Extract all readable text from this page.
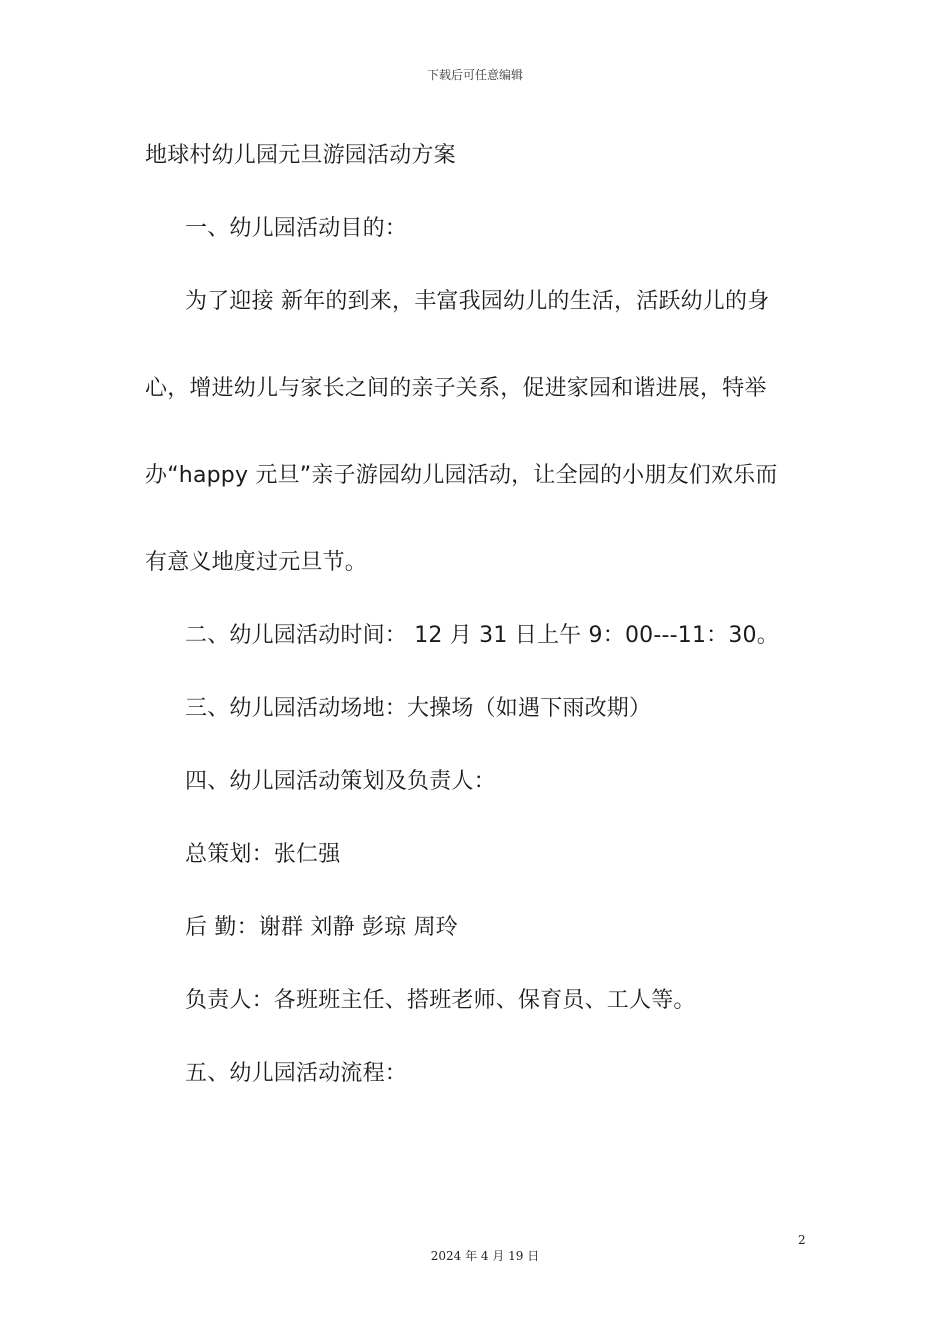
下载后可任意编辑
地球村幼儿园元旦游园活动方案
一、幼儿园活动目的：
为了迎接 新年的到来，丰富我园幼儿的生活，活跃幼儿的身
心，增进幼儿与家长之间的亲子关系，促进家园和谐进展，特举
办“happy 元旦”亲子游园幼儿园活动，让全园的小朋友们欢乐而
有意义地度过元旦节。
二、幼儿园活动时间： 12 月 31 日上午 9：00---11：30。
三、幼儿园活动场地：大操场（如遇下雨改期）
四、幼儿园活动策划及负责人：
总策划：张仁强
后 勤：谢群 刘静 彭琼 周玲
负责人：各班班主任、搭班老师、保育员、工人等。
五、幼儿园活动流程：
2
2024 年 4 月 19 日
